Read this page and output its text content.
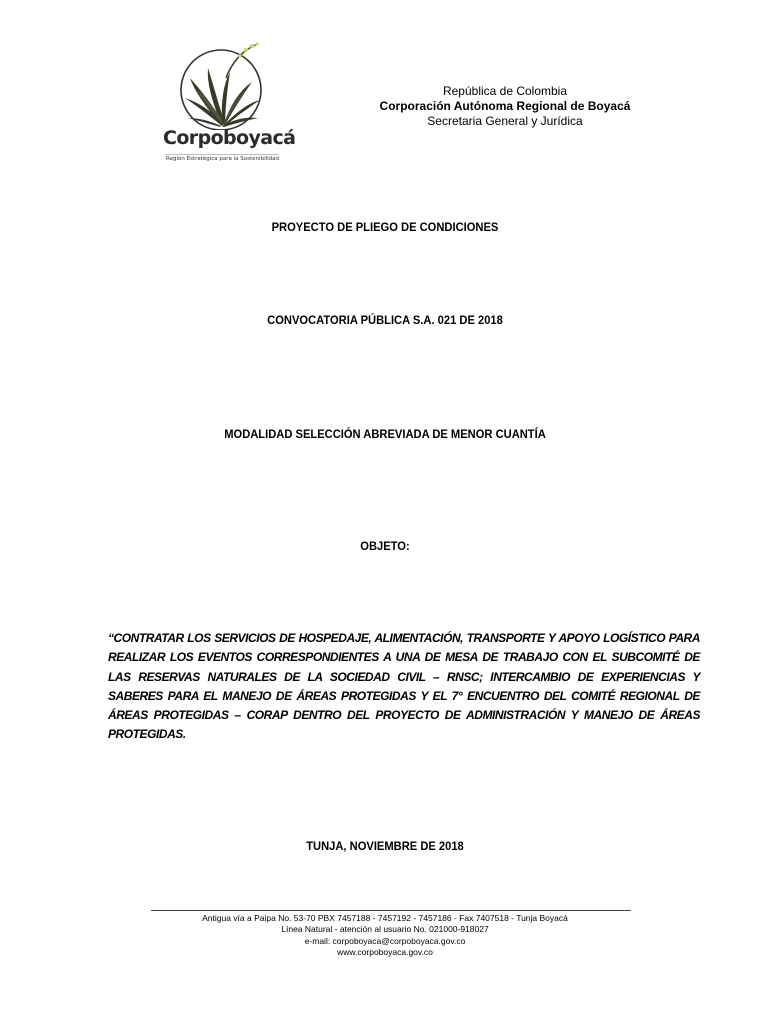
Corpoboyacá
Región Estratégica para la Sostenibilidad
República de Colombia
Corporación Autónoma Regional de Boyacá
Secretaria General y Jurídica
PROYECTO DE PLIEGO DE CONDICIONES
CONVOCATORIA PÚBLICA S.A. 021 DE 2018
MODALIDAD SELECCIÓN ABREVIADA DE MENOR CUANTÍA
OBJETO:
“CONTRATAR LOS SERVICIOS DE HOSPEDAJE, ALIMENTACIÓN, TRANSPORTE Y APOYO LOGÍSTICO PARA REALIZAR LOS EVENTOS CORRESPONDIENTES A UNA DE MESA DE TRABAJO CON EL SUBCOMITÉ DE LAS RESERVAS NATURALES DE LA SOCIEDAD CIVIL – RNSC; INTERCAMBIO DE EXPERIENCIAS Y SABERES PARA EL MANEJO DE ÁREAS PROTEGIDAS Y EL 7° ENCUENTRO DEL COMITÉ REGIONAL DE ÁREAS PROTEGIDAS – CORAP DENTRO DEL PROYECTO DE ADMINISTRACIÓN Y MANEJO DE ÁREAS PROTEGIDAS.
TUNJA, NOVIEMBRE DE 2018
Antigua vía a Paipa No. 53-70 PBX 7457188 - 7457192 - 7457186 - Fax 7407518 - Tunja Boyacá
Línea Natural - atención al usuario No. 021000-918027
e-mail: corpoboyaca@corpoboyaca.gov.co
www.corpoboyaca.gov.co
